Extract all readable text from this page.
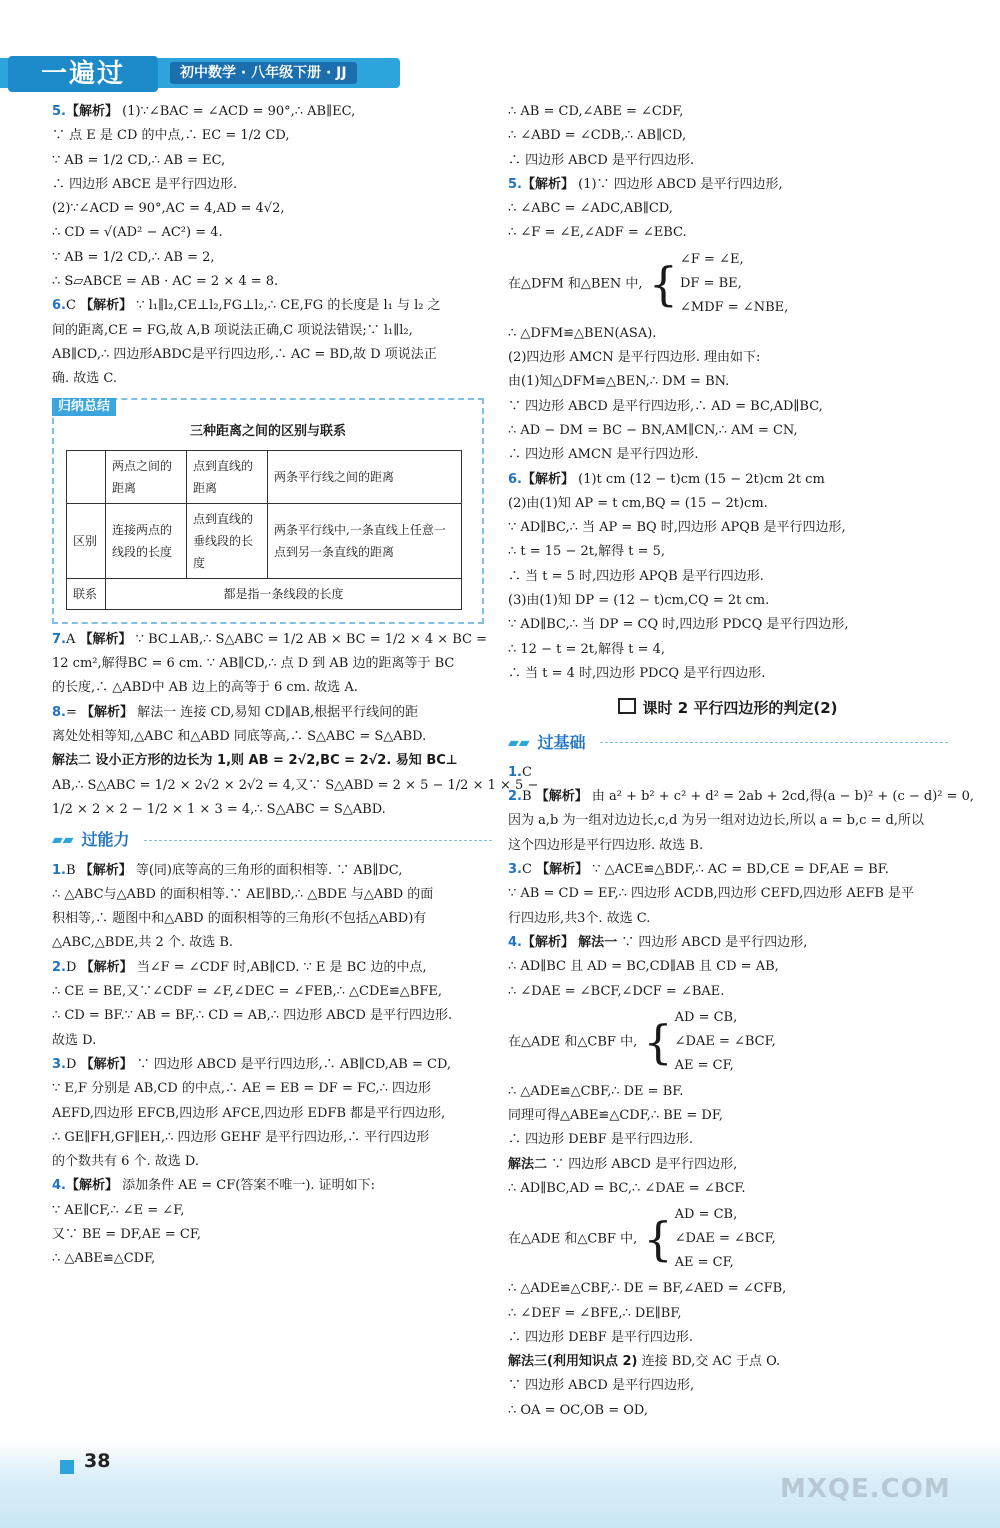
一遍过	初中数学 · 八年级下册 · JJ

5.【解析】 (1)∵∠BAC = ∠ACD = 90°,∴ AB∥EC,

∵ 点 E 是 CD 的中点,∴ EC = 1/2 CD,

∵ AB = 1/2 CD,∴ AB = EC,

∴ 四边形 ABCE 是平行四边形.

(2)∵∠ACD = 90°,AC = 4,AD = 4√2,

∴ CD = √(AD² − AC²) = 4.

∵ AB = 1/2 CD,∴ AB = 2,

∴ S▱ABCE = AB · AC = 2 × 4 = 8.

6.C 【解析】 ∵ l₁∥l₂,CE⊥l₂,FG⊥l₂,∴ CE,FG 的长度是 l₁ 与 l₂ 之

间的距离,CE = FG,故 A,B 项说法正确,C 项说法错误;∵ l₁∥l₂,

AB∥CD,∴ 四边形ABDC是平行四边形,∴ AC = BD,故 D 项说法正

确. 故选 C.

归纳总结
三种距离之间的区别与联系
	两点之间的距离	点到直线的距离	两条平行线之间的距离
区别	连接两点的线段的长度	点到直线的垂线段的长度	两条平行线中,一条直线上任意一点到另一条直线的距离
联系	都是指一条线段的长度		

7.A 【解析】 ∵ BC⊥AB,∴ S△ABC = 1/2 AB × BC = 1/2 × 4 × BC =

12 cm²,解得BC = 6 cm. ∵ AB∥CD,∴ 点 D 到 AB 边的距离等于 BC

的长度,∴ △ABD中 AB 边上的高等于 6 cm. 故选 A.

8.= 【解析】 解法一 连接 CD,易知 CD∥AB,根据平行线间的距

离处处相等知,△ABC 和△ABD 同底等高,∴ S△ABC = S△ABD.

解法二 设小正方形的边长为 1,则 AB = 2√2,BC = 2√2. 易知 BC⊥

AB,∴ S△ABC = 1/2 × 2√2 × 2√2 = 4,又∵ S△ABD = 2 × 5 − 1/2 × 1 × 5 −

1/2 × 2 × 2 − 1/2 × 1 × 3 = 4,∴ S△ABC = S△ABD.

▰▰ 过能力

1.B 【解析】 等(同)底等高的三角形的面积相等. ∵ AB∥DC,

∴ △ABC与△ABD 的面积相等.∵ AE∥BD,∴ △BDE 与△ABD 的面

积相等,∴ 题图中和△ABD 的面积相等的三角形(不包括△ABD)有

△ABC,△BDE,共 2 个. 故选 B.

2.D 【解析】 当∠F = ∠CDF 时,AB∥CD. ∵ E 是 BC 边的中点,

∴ CE = BE,又∵∠CDF = ∠F,∠DEC = ∠FEB,∴ △CDE≌△BFE,

∴ CD = BF.∵ AB = BF,∴ CD = AB,∴ 四边形 ABCD 是平行四边形.

故选 D.

3.D 【解析】 ∵ 四边形 ABCD 是平行四边形,∴ AB∥CD,AB = CD,

∵ E,F 分别是 AB,CD 的中点,∴ AE = EB = DF = FC,∴ 四边形

AEFD,四边形 EFCB,四边形 AFCE,四边形 EDFB 都是平行四边形,

∴ GE∥FH,GF∥EH,∴ 四边形 GEHF 是平行四边形,∴ 平行四边形

的个数共有 6 个. 故选 D.

4.【解析】 添加条件 AE = CF(答案不唯一). 证明如下:

∵ AE∥CF,∴ ∠E = ∠F,

又∵ BE = DF,AE = CF,

∴ △ABE≌△CDF,

∴ AB = CD,∠ABE = ∠CDF,

∴ ∠ABD = ∠CDB,∴ AB∥CD,

∴ 四边形 ABCD 是平行四边形.

5.【解析】 (1)∵ 四边形 ABCD 是平行四边形,

∴ ∠ABC = ∠ADC,AB∥CD,

∴ ∠F = ∠E,∠ADF = ∠EBC.

在△DFM 和△BEN 中, { ∠F = ∠E,
DF = BE,
∠MDF = ∠NBE,

∴ △DFM≌△BEN(ASA).

(2)四边形 AMCN 是平行四边形. 理由如下:

由(1)知△DFM≌△BEN,∴ DM = BN.

∵ 四边形 ABCD 是平行四边形,∴ AD = BC,AD∥BC,

∴ AD − DM = BC − BN,AM∥CN,∴ AM = CN,

∴ 四边形 AMCN 是平行四边形.

6.【解析】 (1)t cm (12 − t)cm (15 − 2t)cm 2t cm

(2)由(1)知 AP = t cm,BQ = (15 − 2t)cm.

∵ AD∥BC,∴ 当 AP = BQ 时,四边形 APQB 是平行四边形,

∴ t = 15 − 2t,解得 t = 5,

∴ 当 t = 5 时,四边形 APQB 是平行四边形.

(3)由(1)知 DP = (12 − t)cm,CQ = 2t cm.

∵ AD∥BC,∴ 当 DP = CQ 时,四边形 PDCQ 是平行四边形,

∴ 12 − t = 2t,解得 t = 4,

∴ 当 t = 4 时,四边形 PDCQ 是平行四边形.

课时 2 平行四边形的判定(2)
▰▰ 过基础

1.C

2.B 【解析】 由 a² + b² + c² + d² = 2ab + 2cd,得(a − b)² + (c − d)² = 0,

因为 a,b 为一组对边边长,c,d 为另一组对边边长,所以 a = b,c = d,所以

这个四边形是平行四边形. 故选 B.

3.C 【解析】 ∵ △ACE≌△BDF,∴ AC = BD,CE = DF,AE = BF.

∵ AB = CD = EF,∴ 四边形 ACDB,四边形 CEFD,四边形 AEFB 是平

行四边形,共3个. 故选 C.

4.【解析】 解法一 ∵ 四边形 ABCD 是平行四边形,

∴ AD∥BC 且 AD = BC,CD∥AB 且 CD = AB,

∴ ∠DAE = ∠BCF,∠DCF = ∠BAE.

在△ADE 和△CBF 中, { AD = CB,
∠DAE = ∠BCF,
AE = CF,

∴ △ADE≌△CBF,∴ DE = BF.

同理可得△ABE≌△CDF,∴ BE = DF,

∴ 四边形 DEBF 是平行四边形.

解法二 ∵ 四边形 ABCD 是平行四边形,

∴ AD∥BC,AD = BC,∴ ∠DAE = ∠BCF.

在△ADE 和△CBF 中, { AD = CB,
∠DAE = ∠BCF,
AE = CF,

∴ △ADE≌△CBF,∴ DE = BF,∠AED = ∠CFB,

∴ ∠DEF = ∠BFE,∴ DE∥BF,

∴ 四边形 DEBF 是平行四边形.

解法三(利用知识点 2) 连接 BD,交 AC 于点 O.

∵ 四边形 ABCD 是平行四边形,

∴ OA = OC,OB = OD,

38
MXQE.COM
